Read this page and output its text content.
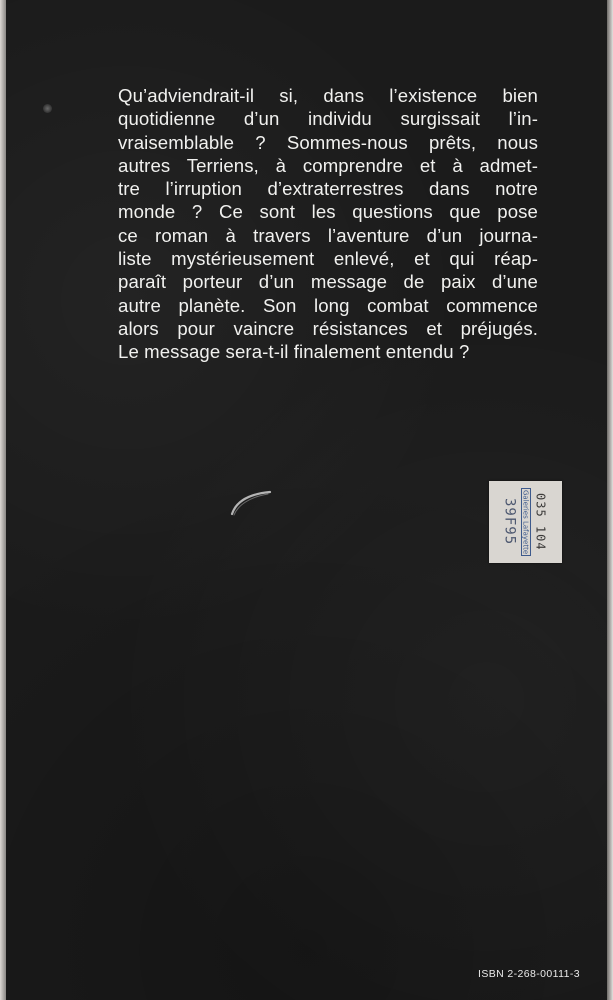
Qu’adviendrait-il si, dans l’existence bien
quotidienne d’un individu surgissait l’in-
vraisemblable ? Sommes-nous prêts, nous
autres Terriens, à comprendre et à admet-
tre l’irruption d’extraterrestres dans notre
monde ? Ce sont les questions que pose
ce roman à travers l’aventure d’un journa-
liste mystérieusement enlevé, et qui réap-
paraît porteur d’un message de paix d’une
autre planète. Son long combat commence
alors pour vaincre résistances et préjugés.
Le message sera-t-il finalement entendu ?

39F95 Galeries Lafayette 035 104
ISBN 2-268-00111-3
